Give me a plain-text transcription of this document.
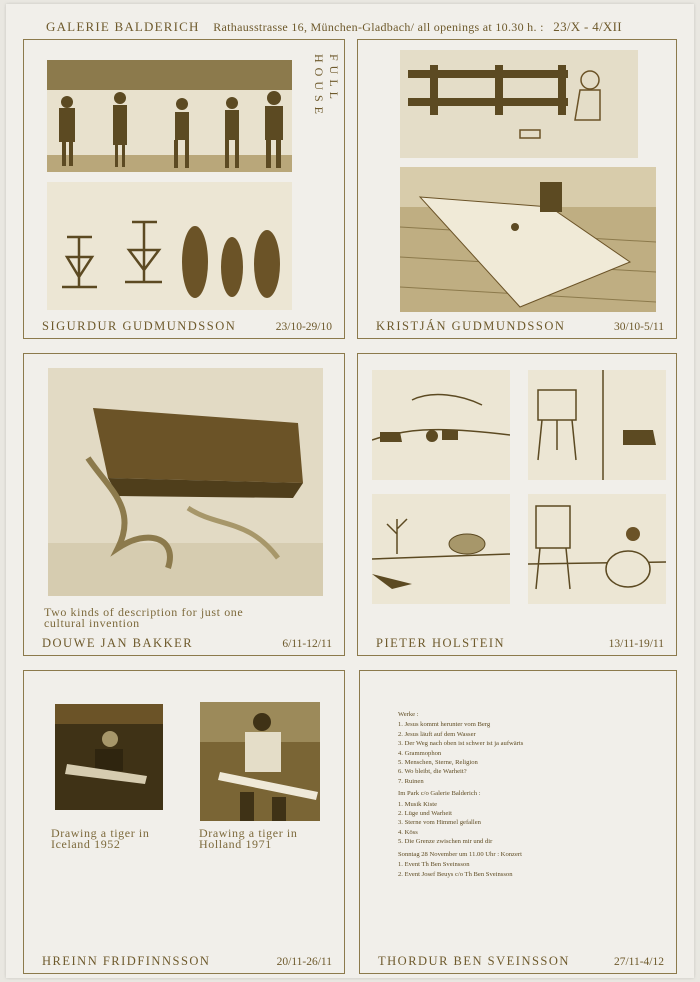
GALERIE BALDERICH Rathausstrasse 16, München-Gladbach/ all openings at 10.30 h. : 23/X - 4/XII
FULL
HOUSE
SIGURDUR GUDMUNDSSON	23/10-29/10	KRISTJÁN GUDMUNDSSON	30/10-5/11
Two kinds of description for just one
cultural invention
DOUWE JAN BAKKER	6/11-12/11	PIETER HOLSTEIN	13/11-19/11
Drawing a tiger in
Iceland 1952
Drawing a tiger in
Holland 1971
HREINN FRIDFINNSSON	20/11-26/11
Werke :
1. Jesus kommt herunter vom Berg
2. Jesus läuft auf dem Wasser
3. Der Weg nach oben ist schwer ist ja aufwärts
4. Grammophon
5. Menschen, Sterne, Religion
6. Wo bleibt, die Warheit?
7. Ruinen
Im Park c/o Galerie Balderich :
1. Musik Kiste
2. Lüge und Warheit
3. Sterne vom Himmel gefallen
4. Köss
5. Die Grenze zwischen mir und dir
Sonntag 28 November um 11.00 Uhr : Konzert
1. Event Th Ben Sveinsson
2. Event Josef Beuys c/o Th Ben Sveinsson
THORDUR BEN SVEINSSON	27/11-4/12
